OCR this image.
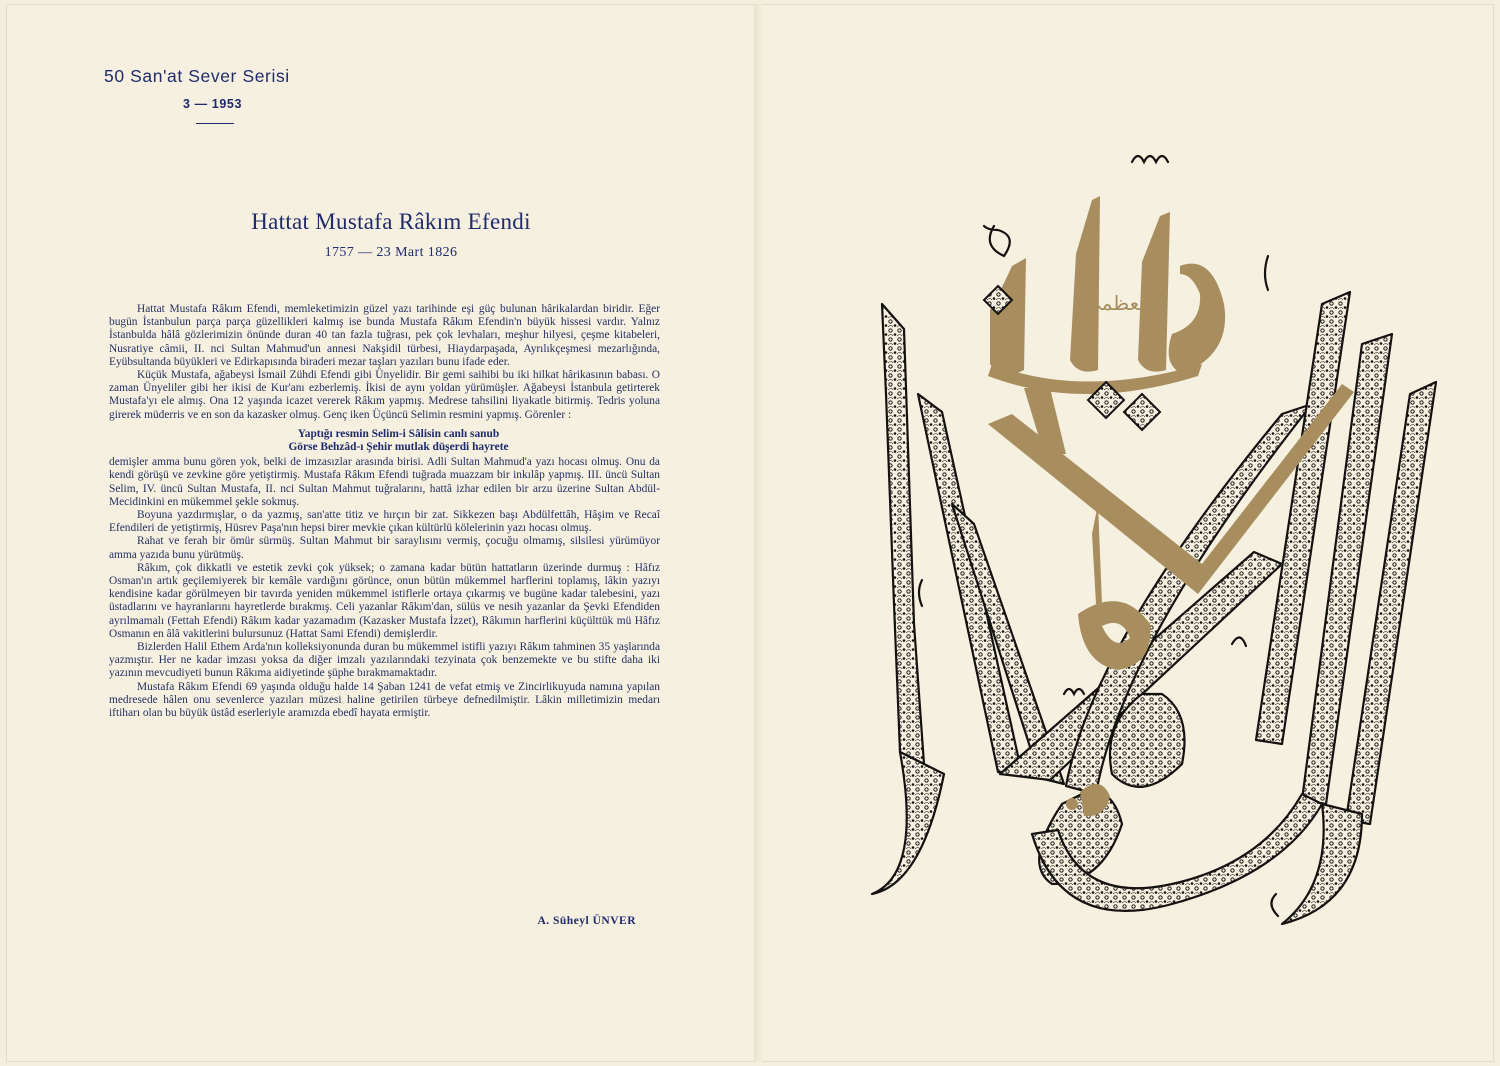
50 San'at Sever Serisi
3 — 1953
Hattat Mustafa Râkım Efendi
1757 — 23 Mart 1826

Hattat Mustafa Râkım Efendi, memleketimizin güzel yazı tarihinde eşi güç bulunan hârikalardan biridir. Eğer bugün İstanbulun parça parça güzellikleri kalmış ise bunda Mustafa Râkım Efendin'n büyük hissesi vardır. Yalnız İstanbulda hâlâ gözlerimizin önünde duran 40 tan fazla tuğrası, pek çok levhaları, meşhur hilyesi, çeşme kitabeleri, Nusratiye câmii, II. nci Sultan Mahmud'un annesi Nakşidil türbesi, Hiaydarpaşada, Ayrılıkçeşmesi mezarlığında, Eyübsultanda büyükleri ve Edirkapısında biraderi mezar taşları yazıları bunu ifade eder.

Küçük Mustafa, ağabeysi İsmail Zühdi Efendi gibi Ünyelidir. Bir gemi saihibi bu iki hilkat hârikasının babası. O zaman Ünyeliler gibi her ikisi de Kur'anı ezberlemiş. İkisi de aynı yoldan yürümüşler. Ağabeysi İstanbula getirterek Mustafa'yı ele almış. Ona 12 yaşında icazet vererek Râkım yapmış. Medrese tahsilini liyakatle bitirmiş. Tedris yoluna girerek müderris ve en son da kazasker olmuş. Genç iken Üçüncü Selimin resmini yapmış. Görenler :

Yaptığı resmin Selim-i Sâlisin canlı sanub

Görse Behzâd-ı Şehir mutlak düşerdi hayrete

demişler amma bunu gören yok, belki de imzasızlar arasında birisi. Adli Sultan Mahmud'a yazı hocası olmuş. Onu da kendi görüşü ve zevkine göre yetiştirmiş. Mustafa Râkım Efendi tuğrada muazzam bir inkılâp yapmış. III. üncü Sultan Selim, IV. üncü Sultan Mustafa, II. nci Sultan Mahmut tuğralarını, hattâ izhar edilen bir arzu üzerine Sultan Abdül-Mecidinkini en mükemmel şekle sokmuş.

Boyuna yazdırmışlar, o da yazmış, san'atte titiz ve hırçın bir zat. Sikkezen başı Abdülfettâh, Hâşim ve Recaî Efendileri de yetiştirmiş, Hüsrev Paşa'nın hepsi birer mevkie çıkan kültürlü kölelerinin yazı hocası olmuş.

Rahat ve ferah bir ömür sürmüş. Sultan Mahmut bir saraylısını vermiş, çocuğu olmamış, silsilesi yürümüyor amma yazıda bunu yürütmüş.

Râkım, çok dikkatli ve estetik zevki çok yüksek; o zamana kadar bütün hattatların üzerinde durmuş : Hâfız Osman'ın artık geçilemiyerek bir kemâle vardığını görünce, onun bütün mükemmel harflerini toplamış, lâkin yazıyı kendisine kadar görülmeyen bir tavırda yeniden mükemmel istiflerle ortaya çıkarmış ve bugüne kadar talebesini, yazı üstadlarını ve hayranlarını hayretlerde bırakmış. Celi yazanlar Râkım'dan, sülüs ve nesih yazanlar da Şevki Efendiden ayrılmamalı (Fettah Efendi) Râkım kadar yazamadım (Kazasker Mustafa İzzet), Râkımın harflerini küçülttük mü Hâfız Osmanın en âlâ vakitlerini bulursunuz (Hattat Sami Efendi) demişlerdir.

Bizlerden Halil Ethem Arda'nın kolleksiyonunda duran bu mükemmel istifli yazıyı Râkım tahminen 35 yaşlarında yazmıştır. Her ne kadar imzası yoksa da diğer imzalı yazılarındaki tezyinata çok benzemekte ve bu stifte daha iki yazının mevcudiyeti bunun Râkıma aidiyetinde şüphe bırakmamaktadır.

Mustafa Râkım Efendi 69 yaşında olduğu halde 14 Şaban 1241 de vefat etmiş ve Zincirlikuyuda namına yapılan medresede hâlen onu sevenlerce yazıları müzesi haline getirilen türbeye defnedilmiştir. Lâkin milletimizin medarı iftiharı olan bu büyük üstâd eserleriyle aramızda ebedî hayata ermiştir.

A. Süheyl ÜNVER
العظمى
